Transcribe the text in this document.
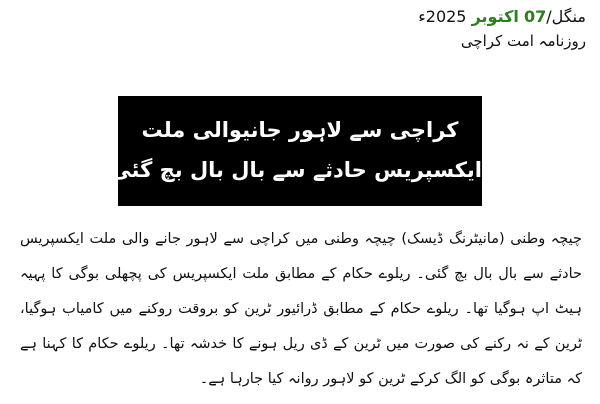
منگل/07 اکتوبر 2025ء
روزنامہ امت کراچی
کراچی سے لاہور جانیوالی ملت
ایکسپریس حادثے سے بال بال بچ گئی

چیچہ وطنی (مانیٹرنگ ڈیسک) چیچہ وطنی میں کراچی سے لاہور جانے والی ملت ایکسپریس حادثے سے بال بال بچ گئی۔ ریلوے حکام کے مطابق ملت ایکسپریس کی پچھلی بوگی کا پہیہ ہیٹ اپ ہوگیا تھا۔ ریلوے حکام کے مطابق ڈرائیور ٹرین کو بروقت روکنے میں کامیاب ہوگیا، ٹرین کے نہ رکنے کی صورت میں ٹرین کے ڈی ریل ہونے کا خدشہ تھا۔ ریلوے حکام کا کہنا ہے کہ متاثرہ بوگی کو الگ کرکے ٹرین کو لاہور روانہ کیا جارہا ہے۔
